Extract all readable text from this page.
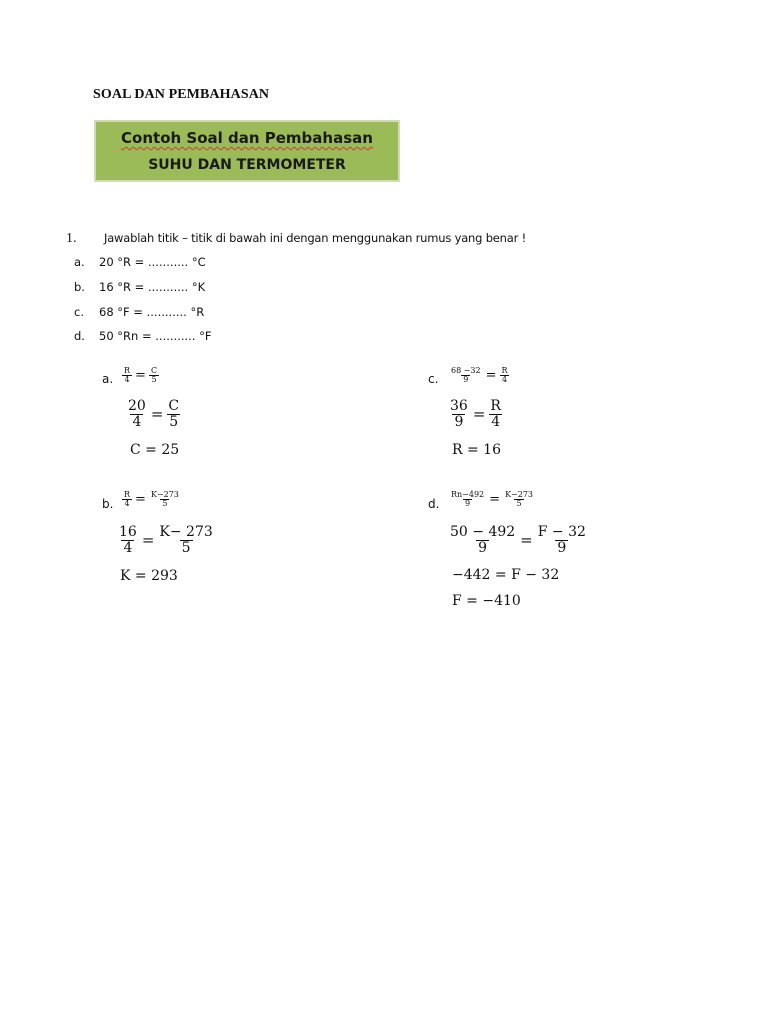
SOAL DAN PEMBAHASAN
Contoh Soal dan Pembahasan
SUHU DAN TERMOMETER
1. Jawablah titik – titik di bawah ini dengan menggunakan rumus yang benar !
a. 20 °R = ........... °C
b. 16 °R = ........... °K
c. 68 °F = ........... °R
d. 50 °Rn = ........... °F
a. $\frac{R}{4} = \frac{C}{5}$
$\frac{20}{4} = \frac{C}{5}$
C = 25
b. $\frac{R}{4} = \frac{K-273}{5}$
$\frac{16}{4} = \frac{K- 273}{5}$
K = 293
c. $\frac{68 -32}{9} = \frac{R}{4}$
$\frac{36}{9} = \frac{R}{4}$
R = 16
d. $\frac{Rn-492}{9} = \frac{K-273}{5}$
$\frac{50 - 492}{9} = \frac{F - 32}{9}$
−442 = F − 32
F = −410
